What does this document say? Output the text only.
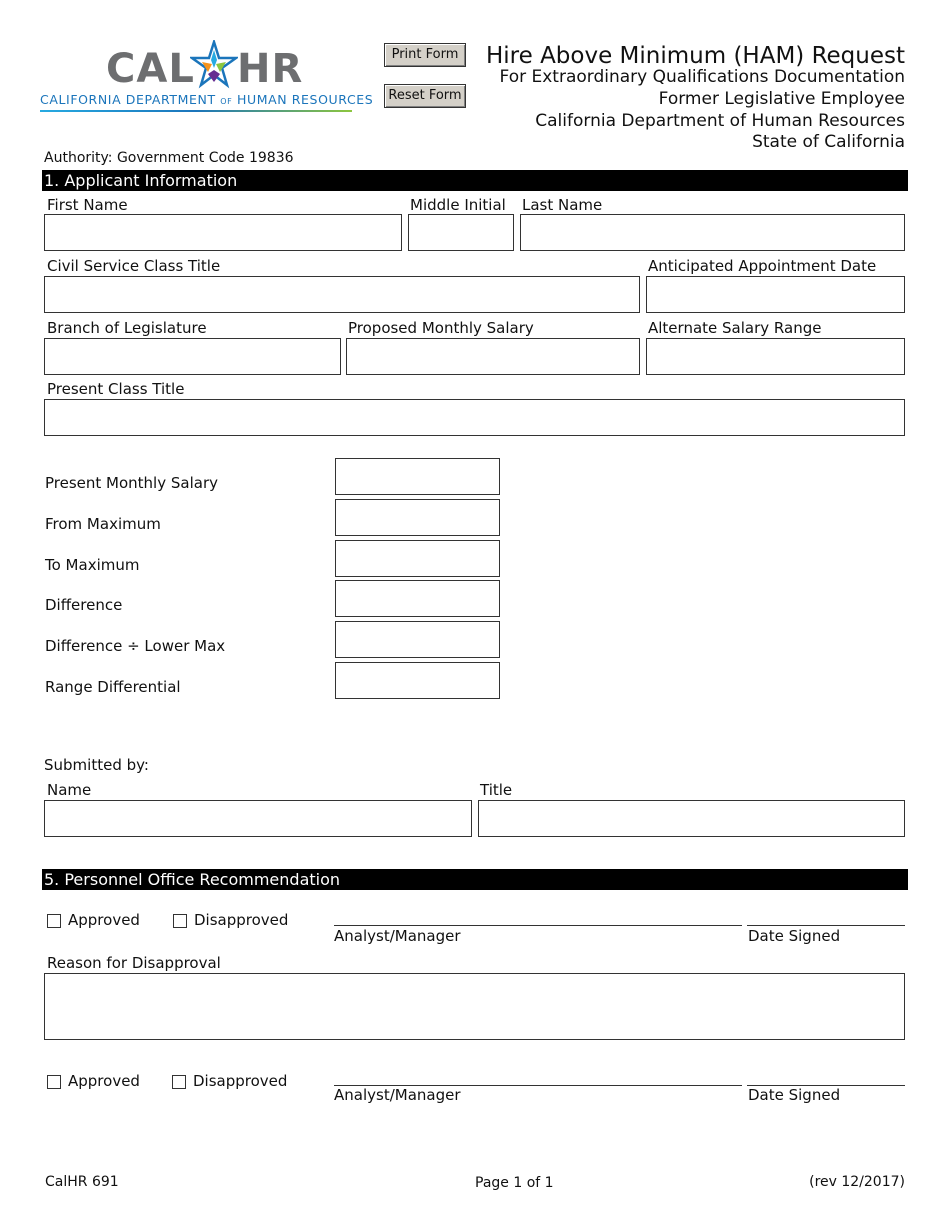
CAL HR
CALIFORNIA DEPARTMENT OF HUMAN RESOURCES
Print Form
Reset Form
Hire Above Minimum (HAM) Request
For Extraordinary Qualifications Documentation
Former Legislative Employee
California Department of Human Resources
State of California
Authority: Government Code 19836
1. Applicant Information
First Name	Middle Initial Last Name
Civil Service Class Title	Anticipated Appointment Date
Branch of Legislature	Proposed Monthly Salary	Alternate Salary Range
Present Class Title
Present Monthly Salary
From Maximum
To Maximum
Difference
Difference ÷ Lower Max
Range Differential
Submitted by:
Name	Title
5. Personnel Office Recommendation
Approved	Disapproved
Analyst/Manager	Date Signed
Reason for Disapproval
Approved	Disapproved
Analyst/Manager	Date Signed
CalHR 691	Page 1 of 1	(rev 12/2017)
